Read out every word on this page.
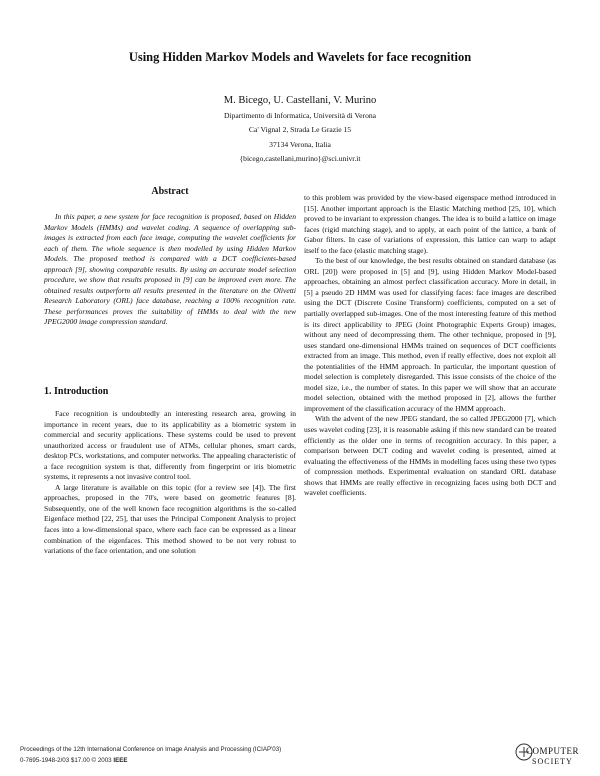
Using Hidden Markov Models and Wavelets for face recognition
M. Bicego, U. Castellani, V. Murino
Dipartimento di Informatica, Università di Verona
Ca' Vignal 2, Strada Le Grazie 15
37134 Verona, Italia
{bicego,castellani,murino}@sci.univr.it
Abstract

In this paper, a new system for face recognition is proposed, based on Hidden Markov Models (HMMs) and wavelet coding. A sequence of overlapping sub-images is extracted from each face image, computing the wavelet coefficients for each of them. The whole sequence is then modelled by using Hidden Markov Models. The proposed method is compared with a DCT coefficients-based approach [9], showing comparable results. By using an accurate model selection procedure, we show that results proposed in [9] can be improved even more. The obtained results outperform all results presented in the literature on the Olivetti Research Laboratory (ORL) face database, reaching a 100% recognition rate. These performances proves the suitability of HMMs to deal with the new JPEG2000 image compression standard.

1. Introduction

Face recognition is undoubtedly an interesting research area, growing in importance in recent years, due to its applicability as a biometric system in commercial and security applications. These systems could be used to prevent unauthorized access or fraudulent use of ATMs, cellular phones, smart cards, desktop PCs, workstations, and computer networks. The appealing characteristic of a face recognition system is that, differently from fingerprint or iris biometric systems, it represents a not invasive control tool.

A large literature is available on this topic (for a review see [4]). The first approaches, proposed in the 70's, were based on geometric features [8]. Subsequently, one of the well known face recognition algorithms is the so-called Eigenface method [22, 25], that uses the Principal Component Analysis to project faces into a low-dimensional space, where each face can be expressed as a linear combination of the eigenfaces. This method showed to be not very robust to variations of the face orientation, and one solution

to this problem was provided by the view-based eigenspace method introduced in [15]. Another important approach is the Elastic Matching method [25, 10], which proved to be invariant to expression changes. The idea is to build a lattice on image faces (rigid matching stage), and to apply, at each point of the lattice, a bank of Gabor filters. In case of variations of expression, this lattice can warp to adapt itself to the face (elastic matching stage).

To the best of our knowledge, the best results obtained on standard database (as ORL [20]) were proposed in [5] and [9], using Hidden Markov Model-based approaches, obtaining an almost perfect classification accuracy. More in detail, in [5] a pseudo 2D HMM was used for classifying faces: face images are described using the DCT (Discrete Cosine Transform) coefficients, computed on a set of partially overlapped sub-images. One of the most interesting feature of this method is its direct applicability to JPEG (Joint Photographic Experts Group) images, without any need of decompressing them. The other technique, proposed in [9], uses standard one-dimensional HMMs trained on sequences of DCT coefficients extracted from an image. This method, even if really effective, does not exploit all the potentialities of the HMM approach. In particular, the important question of model selection is completely disregarded. This issue consists of the choice of the model size, i.e., the number of states. In this paper we will show that an accurate model selection, obtained with the method proposed in [2], allows the further improvement of the classification accuracy of the HMM approach.

With the advent of the new JPEG standard, the so called JPEG2000 [7], which uses wavelet coding [23], it is reasonable asking if this new standard can be treated efficiently as the older one in terms of recognition accuracy. In this paper, a comparison between DCT coding and wavelet coding is presented, aimed at evaluating the effectiveness of the HMMs in modelling faces using these two types of compression methods. Experimental evaluation on standard ORL database shows that HMMs are really effective in recognizing faces using both DCT and wavelet coefficients.

Proceedings of the 12th International Conference on Image Analysis and Processing (ICIAP'03)
0-7695-1948-2/03 $17.00 © 2003 IEEE
COMPUTER
SOCIETY
